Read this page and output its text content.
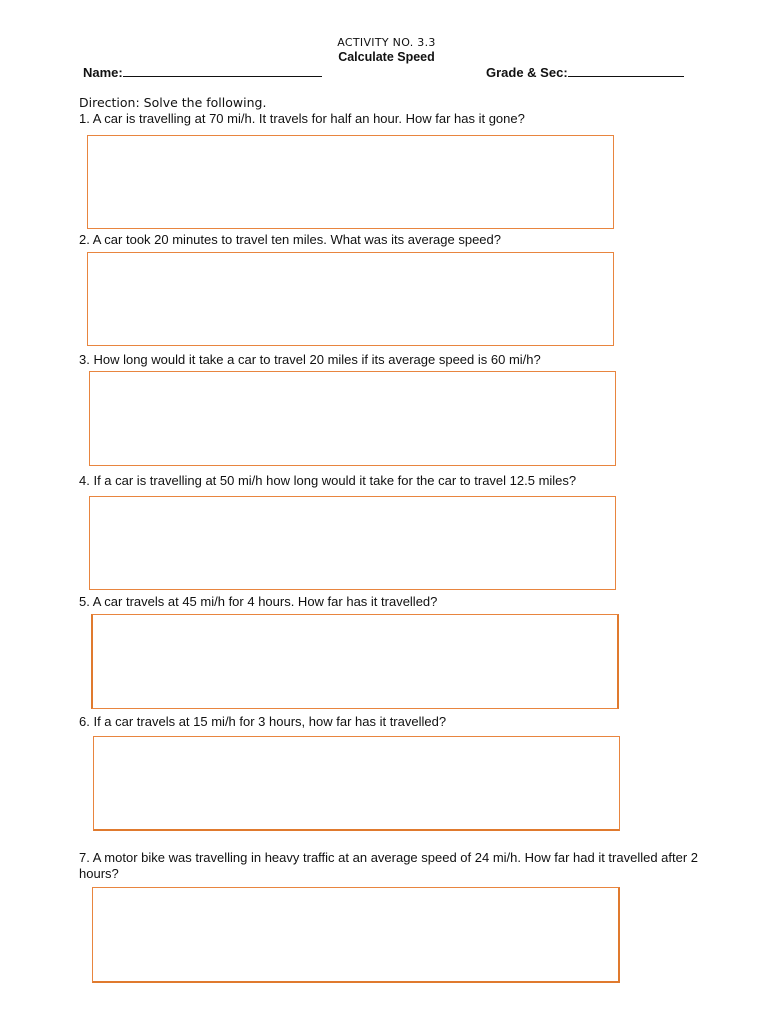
ACTIVITY NO. 3.3
Calculate Speed
Name:	Grade & Sec:
Direction: Solve the following.
1. A car is travelling at 70 mi/h. It travels for half an hour. How far has it gone?
2. A car took 20 minutes to travel ten miles. What was its average speed?
3. How long would it take a car to travel 20 miles if its average speed is 60 mi/h?
4. If a car is travelling at 50 mi/h how long would it take for the car to travel 12.5 miles?
5. A car travels at 45 mi/h for 4 hours. How far has it travelled?
6. If a car travels at 15 mi/h for 3 hours, how far has it travelled?
7. A motor bike was travelling in heavy traffic at an average speed of 24 mi/h. How far had it travelled after 2 hours?
